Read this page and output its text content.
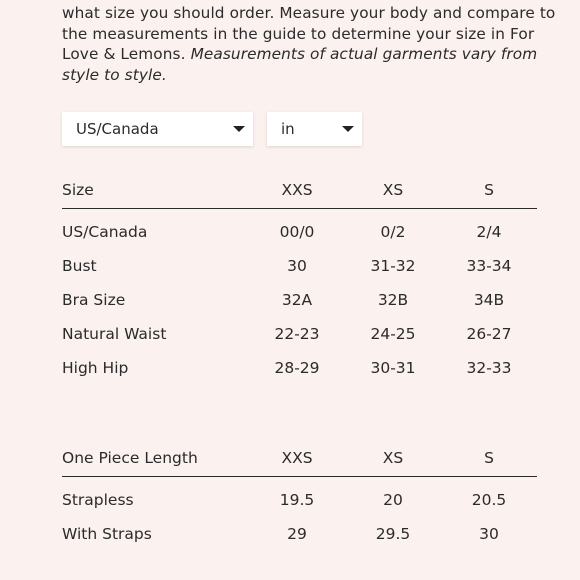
what size you should order. Measure your body and compare to the measurements in the guide to determine your size in For Love & Lemons. Measurements of actual garments vary from style to style.
US/Canada	in
Size	XXS	XS	S
US/Canada	00/0	0/2	2/4
Bust	30	31-32	33-34
Bra Size	32A	32B	34B
Natural Waist	22-23	24-25	26-27
High Hip	28-29	30-31	32-33
One Piece Length	XXS	XS	S
Strapless	19.5	20	20.5
With Straps	29	29.5	30
